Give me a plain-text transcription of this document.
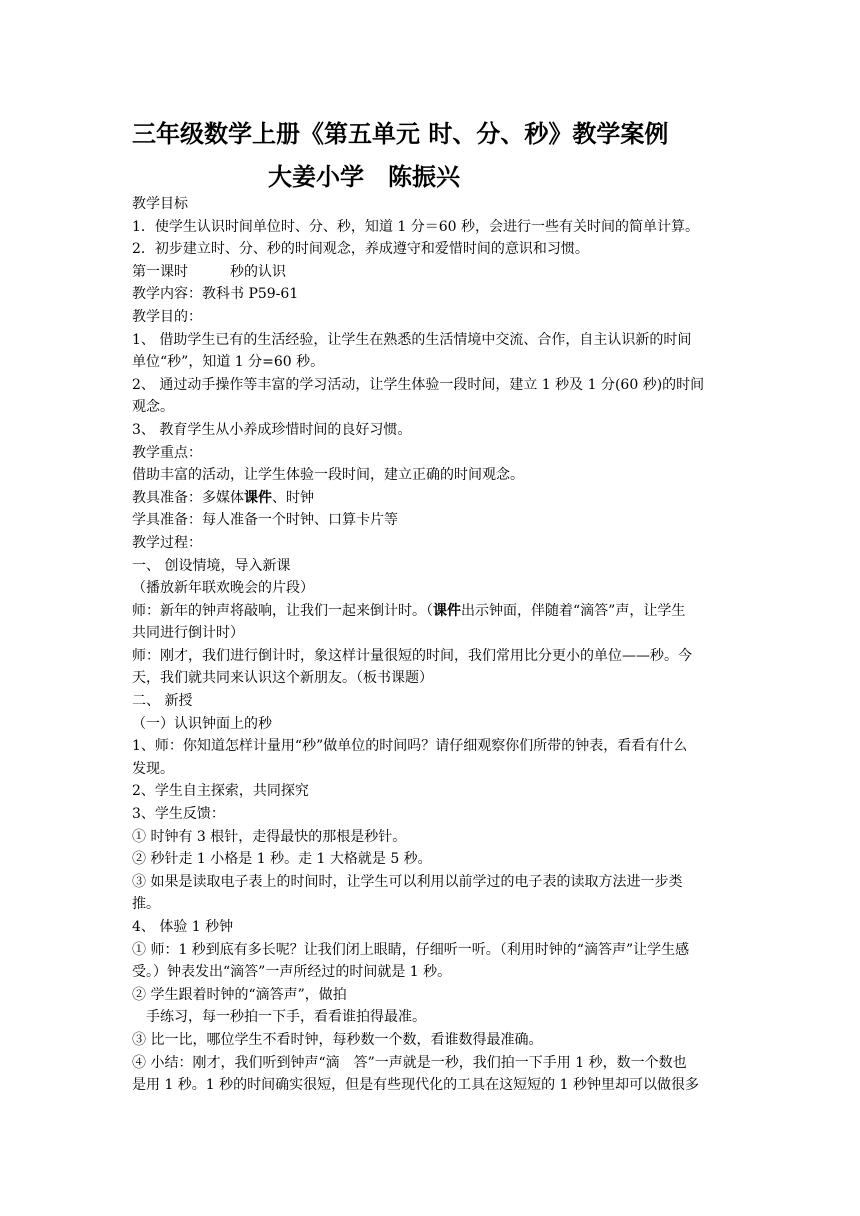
三年级数学上册《第五单元 时、分、秒》教学案例
大姜小学 陈振兴

教学目标

1．使学生认识时间单位时、分、秒，知道 1 分＝60 秒，会进行一些有关时间的简单计算。

2．初步建立时、分、秒的时间观念，养成遵守和爱惜时间的意识和习惯。

第一课时　　　秒的认识

教学内容：教科书 P59-61

教学目的：

1、 借助学生已有的生活经验，让学生在熟悉的生活情境中交流、合作，自主认识新的时间

单位“秒”，知道 1 分=60 秒。

2、 通过动手操作等丰富的学习活动，让学生体验一段时间，建立 1 秒及 1 分(60 秒)的时间

观念。

3、 教育学生从小养成珍惜时间的良好习惯。

教学重点：

借助丰富的活动，让学生体验一段时间，建立正确的时间观念。

教具准备：多媒体课件、时钟

学具准备：每人准备一个时钟、口算卡片等

教学过程：

一、 创设情境，导入新课

（播放新年联欢晚会的片段）

师：新年的钟声将敲响，让我们一起来倒计时。（课件出示钟面，伴随着“滴答”声，让学生

共同进行倒计时）

师：刚才，我们进行倒计时，象这样计量很短的时间，我们常用比分更小的单位——秒。今

天，我们就共同来认识这个新朋友。（板书课题）

二、 新授

（一）认识钟面上的秒

1、师：你知道怎样计量用“秒”做单位的时间吗？请仔细观察你们所带的钟表，看看有什么

发现。

2、学生自主探索，共同探究

3、学生反馈：

① 时钟有 3 根针，走得最快的那根是秒针。

② 秒针走 1 小格是 1 秒。走 1 大格就是 5 秒。

③ 如果是读取电子表上的时间时，让学生可以利用以前学过的电子表的读取方法进一步类

推。

4、 体验 1 秒钟

① 师：1 秒到底有多长呢？让我们闭上眼睛，仔细听一听。（利用时钟的“滴答声”让学生感

受。）钟表发出“滴答”一声所经过的时间就是 1 秒。

② 学生跟着时钟的“滴答声”，做拍

手练习，每一秒拍一下手，看看谁拍得最准。

③ 比一比，哪位学生不看时钟，每秒数一个数，看谁数得最准确。

④ 小结：刚才，我们听到钟声“滴　答”一声就是一秒，我们拍一下手用 1 秒，数一个数也

是用 1 秒。1 秒的时间确实很短，但是有些现代化的工具在这短短的 1 秒钟里却可以做很多
